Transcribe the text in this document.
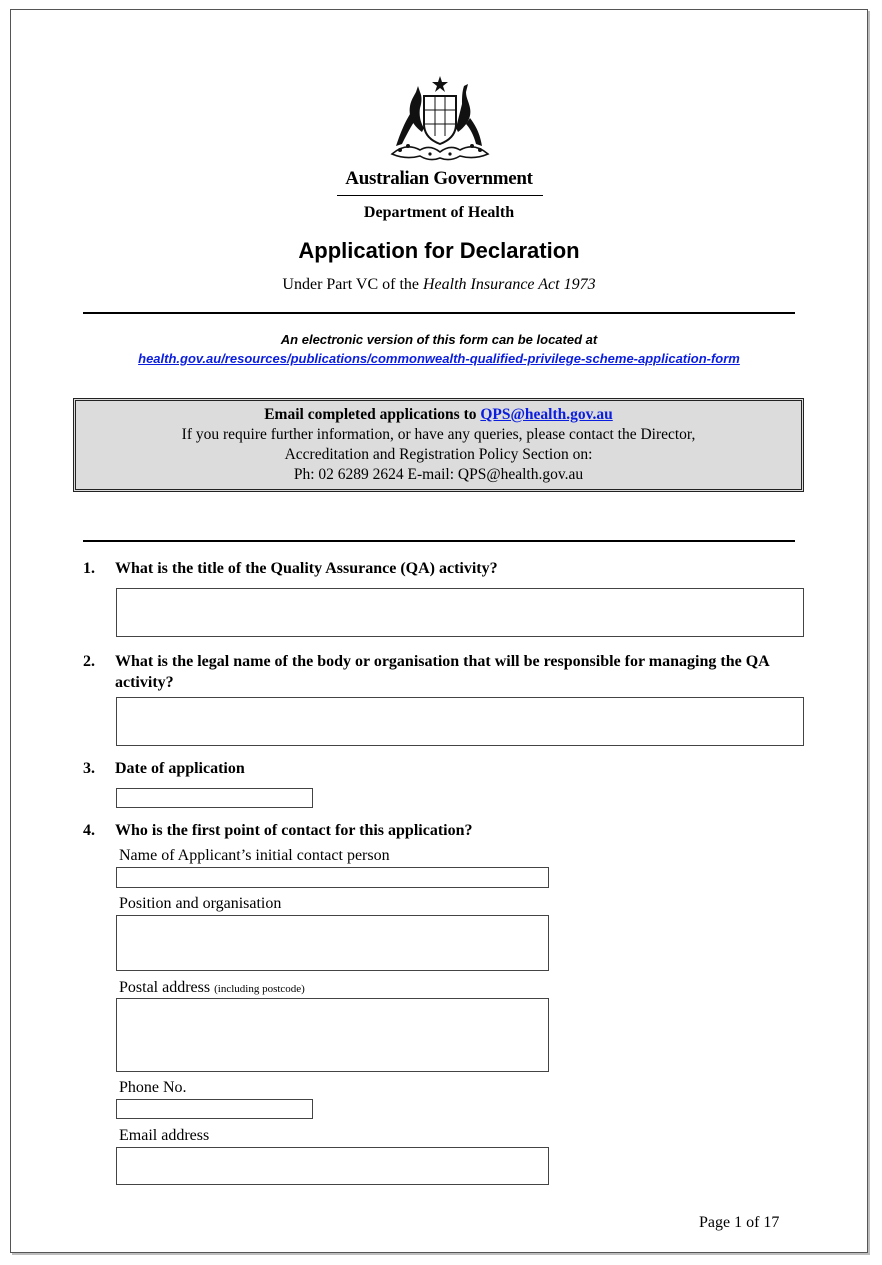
Australian Government
Department of Health
Application for Declaration
Under Part VC of the Health Insurance Act 1973
An electronic version of this form can be located at
health.gov.au/resources/publications/commonwealth-qualified-privilege-scheme-application-form
Email completed applications to QPS@health.gov.au
If you require further information, or have any queries, please contact the Director,
Accreditation and Registration Policy Section on:
Ph: 02 6289 2624 E-mail: QPS@health.gov.au
1. What is the title of the Quality Assurance (QA) activity?
2. What is the legal name of the body or organisation that will be responsible for managing the QA activity?
3. Date of application
4. Who is the first point of contact for this application?
Name of Applicant’s initial contact person
Position and organisation
Postal address (including postcode)
Phone No.
Email address
Page 1 of 17
